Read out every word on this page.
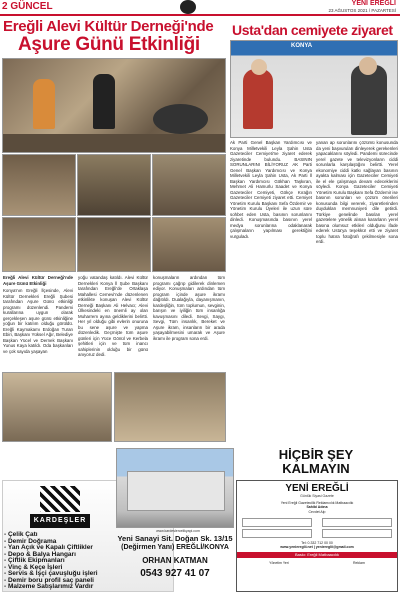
2 GÜNCEL	YENİ EREĞLİ
23 AĞUSTOS 2021 / PAZARTESİ
Ereğli Alevi Kültür Derneği'nde
Aşure Günü Etkinliği
Ereğli Alevi Kültür Derneği'nde Aşure Günü Etkinliği
Konya'nın Ereğli İlçesinde, Alevi Kültür Dernekleri Ereğli Şubesi tarafından Aşure Günü etkinliği programı düzenlendi. Pandemi kurallarına uygun olarak gerçekleşen aşure günü etkinliğine yoğun bir katılım olduğu görüldü. Ereğli Kaymakamı Erdoğan Turan Ebiri, Başkanı Yüksel Ağır, Belediye Başkan Yücel ve Dernek Başkanı Yunus Kaya katıldı. Oda başkanları ve çok sayıda yaşayan
yoğu vatandaş katıldı. Alevi Kültür Dernekleri Konya İl Şube Başkanı tarafından Ereğli'de Ortaklaşa Mahallesi Cemevi'nde düzenlenen etkinlikte konuşan Alevi Kültür Derneği Başkanı Ali Helvacı; Alevi Ülkesindeki en önemli ay olan Muharrem ayına geldiklerini belirtti. Her yıl olduğu gibi evlerin onuruna bu sene aşure ve yapma düzenledik. Geçmişte tüm aşure günleri için Yüce Gönül ve Kerbela şehitleri için ve tüm inancı sahiplerinin olduğu bir günü anıyoruz dedi.
konuşmaların ardından tüm programı çağrıp gidilerek dinlemen ediyor. Konuşmaları ardından tüm program içinde aşure ikramı dağıtıldı. Dualağıyla, dayanışmanın, kardeşliğin, tüm toplumun, sevginin, barışın ve iyiliğin tüm insanlığa kavuşmasını diledi. Sevgi, Saygı, Sevgi, Tüm insanlık, Bereket ve Aşure ikram, insanların bir arada yaşayabilmesini umarak ve Aşure ikramı ile program sona erdi.
Usta'dan cemiyete ziyaret
KONYA
Ak Parti Genel Başkan Yardımcısı ve Konya Milletvekili Leyla Şahin Usta Gazeteciler Cemiyeti'ne ziyaret ederek ziyaretinde bulundu. BASININ SORUNLARINI BİLİYORUZ AK Parti Genel Başkan Yardımcısı ve Konya Milletvekili Leyla Şahin Usta, Ak Parti İl Başkan Yardımcısı Gökhan Taşkıran, Mehmet Ali Hamurlu Saadet ve Konya Gazeteciler Cemiyeti, Gökçe Kırağın Gazeteciler Cemiyeti ziyaret etti. Cemiyet Yönetim Kurulu Başkanı Sefa Özdemir ve Yönetim Kurulu Üyeleri ile uzun süre sohbet eden Usta, basının sorunlarını dinledi. Konuşmasında basının yerel medya sorunlarına odaklanarak çalışmaların yapılması gerektiğini vurguladı.
yanan ap sorunlarını çözümü konusunda da yeni başvuruları dinleyerek gerekenleri yapacaklarını söyledi. Pandemi sürecinde yerel gazete ve televizyonların ciddi sorunlarla karşılaştığını belirtti. Yerel ekonomiye ciddi katkı sağlayan basının ayakta kalması için Gazeteciler Cemiyeti ile el ele çalışmaya devam edeceklerini söyledi. Konya Gazeteciler Cemiyeti Yönetim Kurulu Başkanı Sefa Özdemir ise basının sorunları ve çözüm önerileri konusunda bilgi vererek, ziyaretlerinden duydukları memnuniyeti dile getirdi. Türkiye genelinde basılan yerel gazetelere yönelik alınan kararların yerel basına olumsuz etkileri olduğunu ifade ederek Usta'ya teşekkür etti ve ziyaret toplu hatıra fotoğrafı çekilmesiyle sona erdi.
KARDEŞLER
- Çelik Çatı
- Demir Doğrama
- Yan Açık ve Kapalı Çiftlikler
- Depo & Balya Hangarı
- Çiftlik Ekipmanları
- Vinç & Keçe İşleri
- Servis & İşçi çavuşluğu işleri
- Demir boru profil saç paneli
- Malzeme Satışlarımız Vardır
www.kardeslercelikyapi.com
Yeni Sanayi Sit. Doğan Sk. 13/15
(Değirmen Yanı) EREĞLİ/KONYA
ORHAN KATMAN
0543 927 41 07
HİÇBİR ŞEY
KALMAYIN
YENİ EREĞLİ
Günlük Siyasi Gazete
Yeni Ereğli Gazetecilik Reklamcılık Matbaacılık
Sahibi Adına
Cevdet Alp
Tel: 0.332 712 00 00
www.yeniereglii.net | yeniereglii@gmail.com
Baskı: Ereğli Matbaacılık
Yönetim Yeri	Reklam
